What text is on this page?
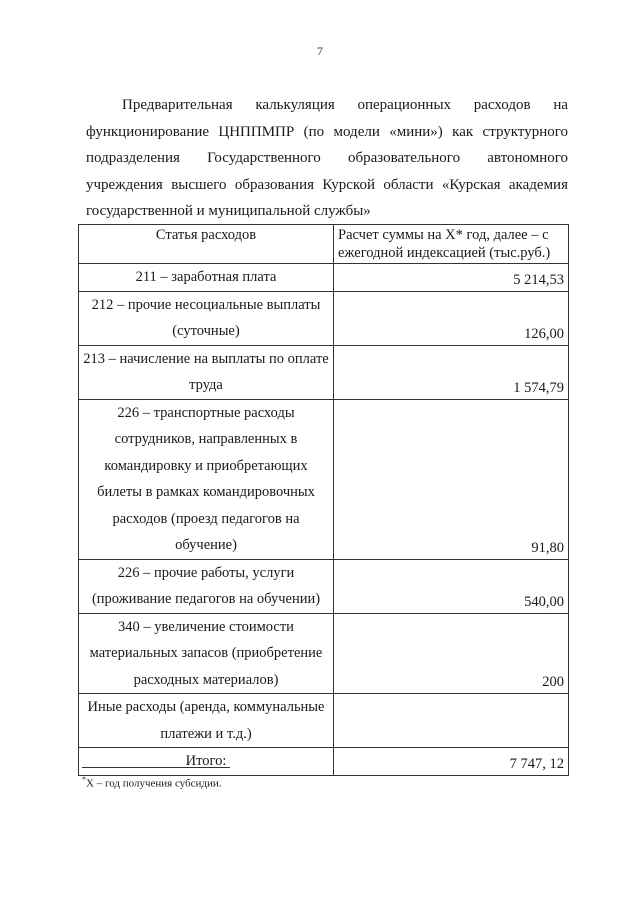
7
Предварительная калькуляция операционных расходов на функционирование ЦНППМПР (по модели «мини») как структурного подразделения Государственного образовательного автономного учреждения высшего образования Курской области «Курская академия государственной и муниципальной службы»
Статья расходов	Расчет суммы на X* год, далее – с ежегодной индексацией (тыс.руб.)
211 – заработная плата	5 214,53
212 – прочие несоциальные выплаты (суточные)	126,00
213 – начисление на выплаты по оплате труда	1 574,79
226 – транспортные расходы сотрудников, направленных в командировку и приобретающих билеты в рамках командировочных расходов (проезд педагогов на обучение)	91,80
226 – прочие работы, услуги (проживание педагогов на обучении)	540,00
340 – увеличение стоимости материальных запасов (приобретение расходных материалов)	200
Иные расходы (аренда, коммунальные платежи и т.д.)	
Итого:	7 747, 12
*X – год получения субсидии.
